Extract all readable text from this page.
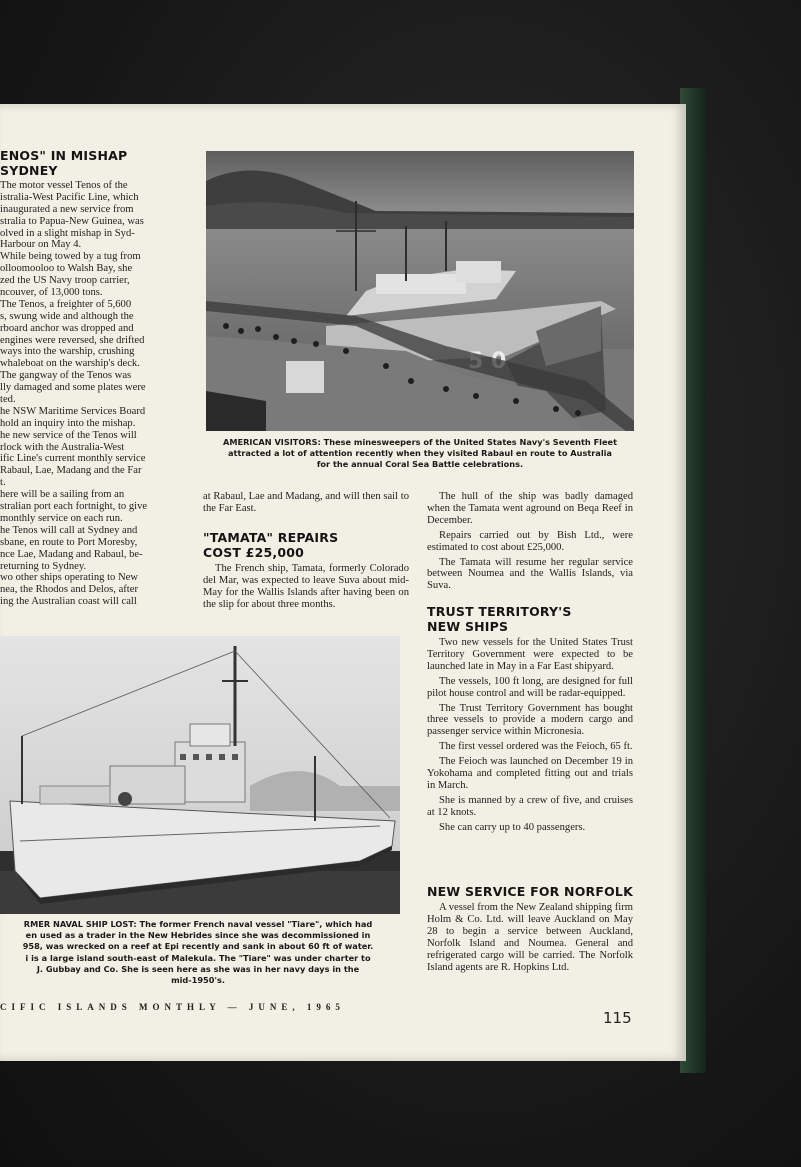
ENOS" IN MISHAP
SYDNEY
The motor vessel Tenos of the
istralia-West Pacific Line, which
inaugurated a new service from
stralia to Papua-New Guinea, was
olved in a slight mishap in Syd-
Harbour on May 4.
While being towed by a tug from
olloomooloo to Walsh Bay, she
zed the US Navy troop carrier,
ncouver, of 13,000 tons.
The Tenos, a freighter of 5,600
s, swung wide and although the
rboard anchor was dropped and
engines were reversed, she drifted
ways into the warship, crushing
whaleboat on the warship's deck.
The gangway of the Tenos was
lly damaged and some plates were
ted.
he NSW Maritime Services Board
hold an inquiry into the mishap.
he new service of the Tenos will
rlock with the Australia-West
ific Line's current monthly service
Rabaul, Lae, Madang and the Far
t.
here will be a sailing from an
stralian port each fortnight, to give
monthly service on each run.
he Tenos will call at Sydney and
sbane, en route to Port Moresby,
nce Lae, Madang and Rabaul, be-
returning to Sydney.
wo other ships operating to New
nea, the Rhodos and Delos, after
ing the Australian coast will call
AMERICAN VISITORS: These minesweepers of the United States Navy's Seventh Fleet
attracted a lot of attention recently when they visited Rabaul en route to Australia
for the annual Coral Sea Battle celebrations.

at Rabaul, Lae and Madang, and will then sail to the Far East.

"TAMATA" REPAIRS
COST £25,000

The French ship, Tamata, formerly Colorado del Mar, was expected to leave Suva about mid-May for the Wallis Islands after having been on the slip for about three months.

The hull of the ship was badly damaged when the Tamata went aground on Beqa Reef in December.

Repairs carried out by Bish Ltd., were estimated to cost about £25,000.

The Tamata will resume her regular service between Noumea and the Wallis Islands, via Suva.

TRUST TERRITORY'S
NEW SHIPS

Two new vessels for the United States Trust Territory Government were expected to be launched late in May in a Far East shipyard.

The vessels, 100 ft long, are designed for full pilot house control and will be radar-equipped.

The Trust Territory Government has bought three vessels to provide a modern cargo and passenger service within Micronesia.

The first vessel ordered was the Feioch, 65 ft.

The Feioch was launched on December 19 in Yokohama and completed fitting out and trials in March.

She is manned by a crew of five, and cruises at 12 knots.

She can carry up to 40 passengers.

NEW SERVICE FOR NORFOLK

A vessel from the New Zealand shipping firm Holm & Co. Ltd. will leave Auckland on May 28 to begin a service between Auckland, Norfolk Island and Noumea. General and refrigerated cargo will be carried. The Norfolk Island agents are R. Hopkins Ltd.

RMER NAVAL SHIP LOST: The former French naval vessel "Tiare", which had
en used as a trader in the New Hebrides since she was decommissioned in
958, was wrecked on a reef at Epi recently and sank in about 60 ft of water.
i is a large island south-east of Malekula. The "Tiare" was under charter to
J. Gubbay and Co. She is seen here as she was in her navy days in the
mid-1950's.
CIFIC ISLANDS MONTHLY — JUNE, 1965
115
